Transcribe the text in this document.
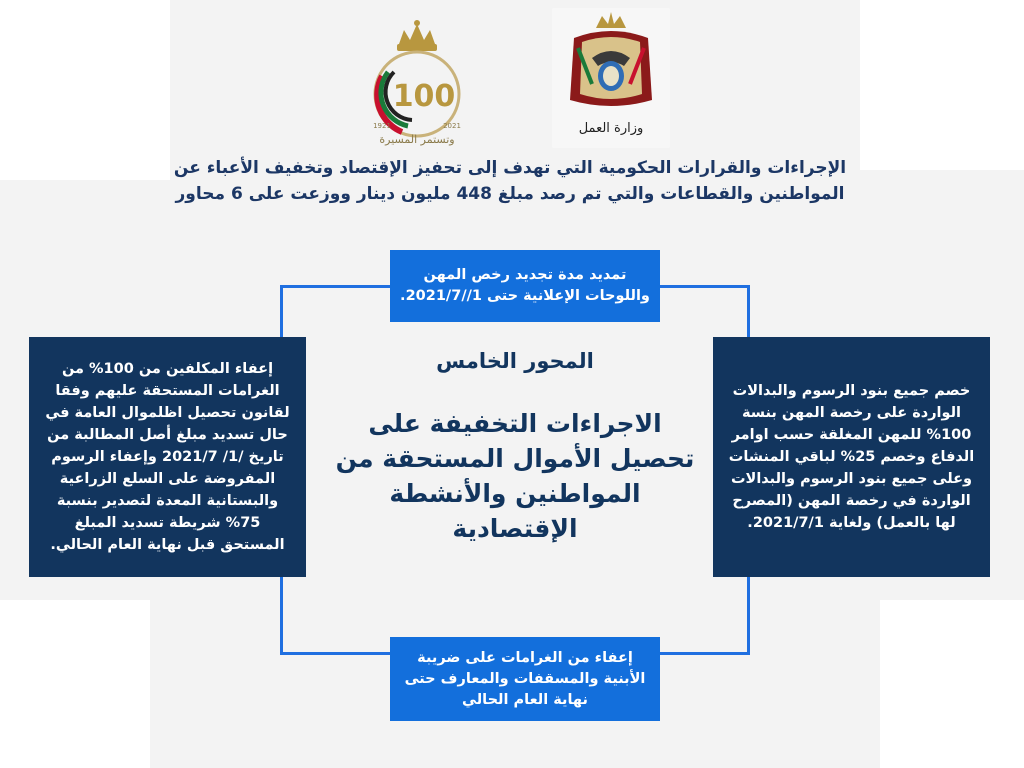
100
1921	2021
وتستمر المسيرة
وزارة العمل
الإجراءات والقرارات الحكومية التي تهدف إلى تحفيز الإقتصاد وتخفيف الأعباء عن المواطنين والقطاعات والتي تم رصد مبلغ 448 مليون دينار ووزعت على 6 محاور
تمديد مدة تجديد رخص المهن واللوحات الإعلانية حتى 1//2021/7.
خصم جميع بنود الرسوم والبدالات الواردة على رخصة المهن بنسة 100% للمهن المغلقة حسب اوامر الدفاع وخصم 25% لباقي المنشات وعلى جميع بنود الرسوم والبدالات الواردة في رخصة المهن (المصرح لها بالعمل) ولغاية 2021/7/1.
إعفاء المكلفين من 100% من الغرامات المستحقة عليهم وفقا لقانون تحصيل اظلموال العامة في حال تسديد مبلغ أصل المطالبة من تاريخ /1/ 2021/7 وإعفاء الرسوم المفروضة على السلع الزراعية والبستانية المعدة لتصدير بنسبة 75% شريطة تسديد المبلغ المستحق قبل نهاية العام الحالي.
إعفاء من الغرامات على ضريبة الأبنية والمسقفات والمعارف حتى نهاية العام الحالي
المحور الخامس
الاجراءات التخفيفة على تحصيل الأموال المستحقة من المواطنين والأنشطة الإقتصادية
